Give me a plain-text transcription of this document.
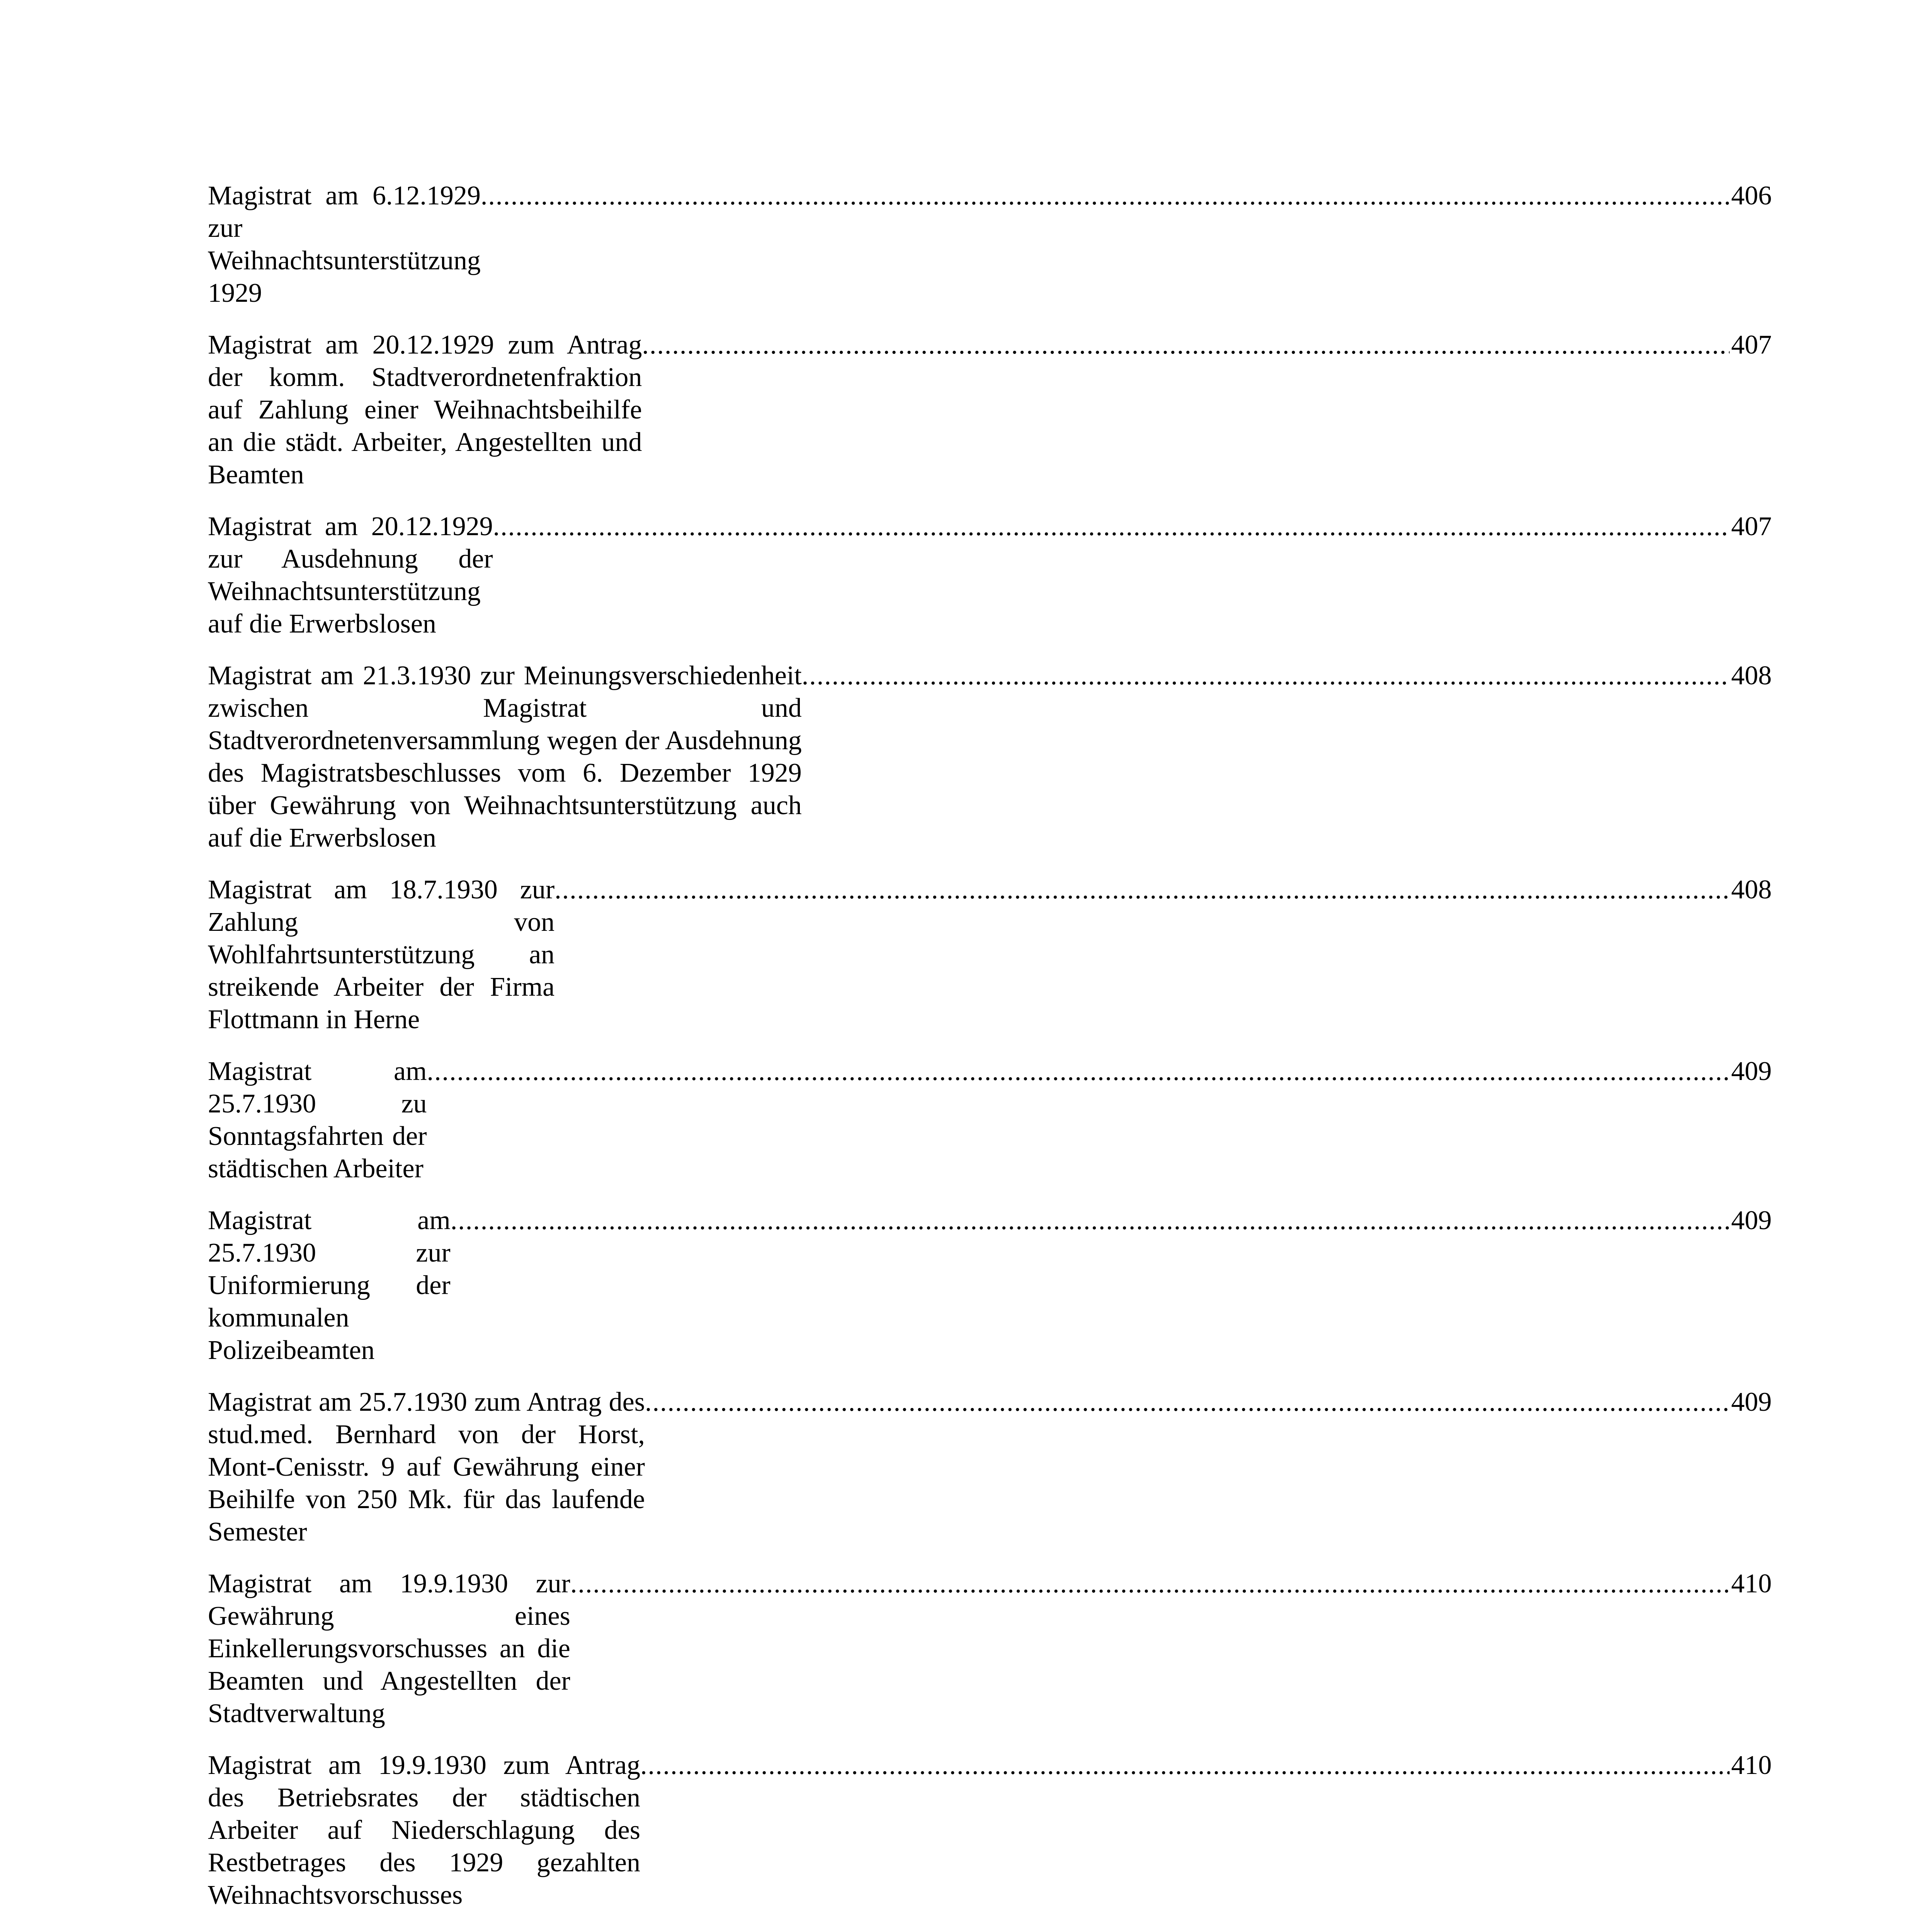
Magistrat am 6.12.1929 zur Weihnachtsunterstützung 1929
.....
406
Magistrat am 20.12.1929 zum Antrag der komm. Stadtverordnetenfraktion auf Zahlung einer Weihnachtsbeihilfe an die städt. Arbeiter, Angestellten und Beamten
.....
407
Magistrat am 20.12.1929 zur Ausdehnung der Weihnachtsunterstützung auf die Erwerbslosen
.....
407
Magistrat am 21.3.1930 zur Meinungsverschiedenheit zwischen Magistrat und Stadtverordnetenversammlung wegen der Ausdehnung des Magistratsbeschlusses vom 6. Dezember 1929 über Gewährung von Weihnachtsunterstützung auch auf die Erwerbslosen
.....
408
Magistrat am 18.7.1930 zur Zahlung von Wohlfahrtsunterstützung an streikende Arbeiter der Firma Flottmann in Herne
.....
408
Magistrat am 25.7.1930 zu Sonntagsfahrten der städtischen Arbeiter
.....
409
Magistrat am 25.7.1930 zur Uniformierung der kommunalen Polizeibeamten
.....
409
Magistrat am 25.7.1930 zum Antrag des stud.med. Bernhard von der Horst, Mont-Cenisstr. 9 auf Gewährung einer Beihilfe von 250 Mk. für das laufende Semester
.....
409
Magistrat am 19.9.1930 zur Gewährung eines Einkellerungsvorschusses an die Beamten und Angestellten der Stadtverwaltung
.....
410
Magistrat am 19.9.1930 zum Antrag des Betriebsrates der städtischen Arbeiter auf Niederschlagung des Restbetrages des 1929 gezahlten Weihnachtsvorschusses
.....
410
.....
